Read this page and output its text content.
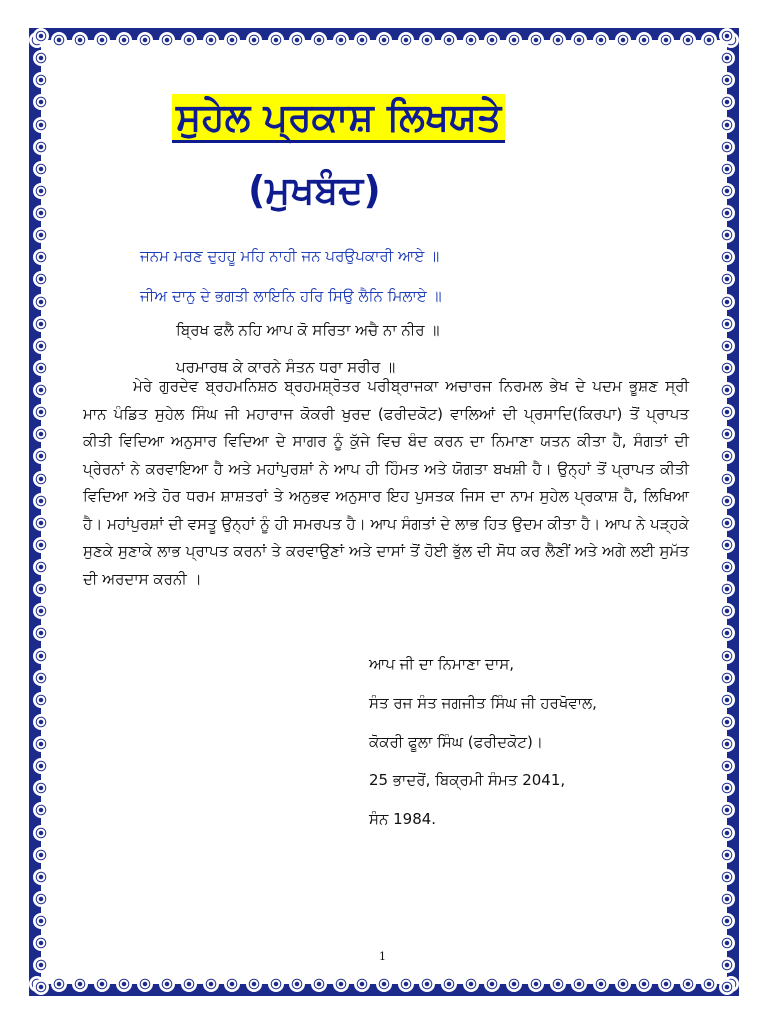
ਸੁਹੇਲ ਪ੍ਰਕਾਸ਼ ਲਿਖਯਤੇ
(ਮੁਖਬੰਦ)
ਜਨਮ ਮਰਣ ਦੁਹਹੂ ਮਹਿ ਨਾਹੀ ਜਨ ਪਰਉਪਕਾਰੀ ਆਏ ॥
ਜੀਅ ਦਾਨੁ ਦੇ ਭਗਤੀ ਲਾਇਨਿ ਹਰਿ ਸਿਉ ਲੈਨਿ ਮਿਲਾਏ ॥
ਬ੍ਰਿਖ ਫਲੈ ਨਹਿ ਆਪ ਕੋ ਸਰਿਤਾ ਅਚੈ ਨਾ ਨੀਰ ॥
ਪਰਮਾਰਥ ਕੇ ਕਾਰਨੇ ਸੰਤਨ ਧਰਾ ਸਰੀਰ ॥
ਮੇਰੇ ਗੁਰਦੇਵ ਬ੍ਰਹਮਨਿਸ਼ਠ ਬ੍ਰਹਮਸ਼੍ਰੋਤਰ ਪਰੀਬ੍ਰਾਜਕਾ ਅਚਾਰਜ ਨਿਰਮਲ ਭੇਖ ਦੇ ਪਦਮ ਭੂਸ਼ਣ ਸ੍ਰੀ ਮਾਨ ਪੰਡਿਤ ਸੁਹੇਲ ਸਿੰਘ ਜੀ ਮਹਾਰਾਜ ਕੋਕਰੀ ਖੁਰਦ (ਫਰੀਦਕੋਟ) ਵਾਲਿਆਂ ਦੀ ਪ੍ਰਸਾਦਿ(ਕਿਰਪਾ) ਤੋਂ ਪ੍ਰਾਪਤ ਕੀਤੀ ਵਿਦਿਆ ਅਨੁਸਾਰ ਵਿਦਿਆ ਦੇ ਸਾਗਰ ਨੂੰ ਕੁੱਜੇ ਵਿਚ ਬੰਦ ਕਰਨ ਦਾ ਨਿਮਾਣਾ ਯਤਨ ਕੀਤਾ ਹੈ, ਸੰਗਤਾਂ ਦੀ ਪ੍ਰੇਰਨਾਂ ਨੇ ਕਰਵਾਇਆ ਹੈ ਅਤੇ ਮਹਾਂਪੁਰਸ਼ਾਂ ਨੇ ਆਪ ਹੀ ਹਿੰਮਤ ਅਤੇ ਯੋਗਤਾ ਬਖਸ਼ੀ ਹੈ। ਉਨ੍ਹਾਂ ਤੋਂ ਪ੍ਰਾਪਤ ਕੀਤੀ ਵਿਦਿਆ ਅਤੇ ਹੋਰ ਧਰਮ ਸ਼ਾਸ਼ਤਰਾਂ ਤੇ ਅਨੁਭਵ ਅਨੁਸਾਰ ਇਹ ਪੁਸਤਕ ਜਿਸ ਦਾ ਨਾਮ ਸੁਹੇਲ ਪ੍ਰਕਾਸ਼ ਹੈ, ਲਿਖਿਆ ਹੈ। ਮਹਾਂਪੁਰਸ਼ਾਂ ਦੀ ਵਸਤੂ ਉਨ੍ਹਾਂ ਨੂੰ ਹੀ ਸਮਰਪਤ ਹੈ। ਆਪ ਸੰਗਤਾਂ ਦੇ ਲਾਭ ਹਿਤ ਉਦਮ ਕੀਤਾ ਹੈ। ਆਪ ਨੇ ਪੜ੍ਹਕੇ ਸੁਣਕੇ ਸੁਣਾਕੇ ਲਾਭ ਪ੍ਰਾਪਤ ਕਰਨਾਂ ਤੇ ਕਰਵਾਉਣਾਂ ਅਤੇ ਦਾਸਾਂ ਤੋਂ ਹੋਈ ਭੁੱਲ ਦੀ ਸੋਧ ਕਰ ਲੈਣੀਂ ਅਤੇ ਅਗੇ ਲਈ ਸੁਮੱਤ ਦੀ ਅਰਦਾਸ ਕਰਨੀ ।
ਆਪ ਜੀ ਦਾ ਨਿਮਾਣਾ ਦਾਸ,
ਸੰਤ ਰਜ ਸੰਤ ਜਗਜੀਤ ਸਿੰਘ ਜੀ ਹਰਖੋਵਾਲ,
ਕੋਕਰੀ ਫੂਲਾ ਸਿੰਘ (ਫਰੀਦਕੋਟ)।
25 ਭਾਦਰੋਂ, ਬਿਕ੍ਰਮੀ ਸੰਮਤ 2041,
ਸੰਨ 1984.
1
